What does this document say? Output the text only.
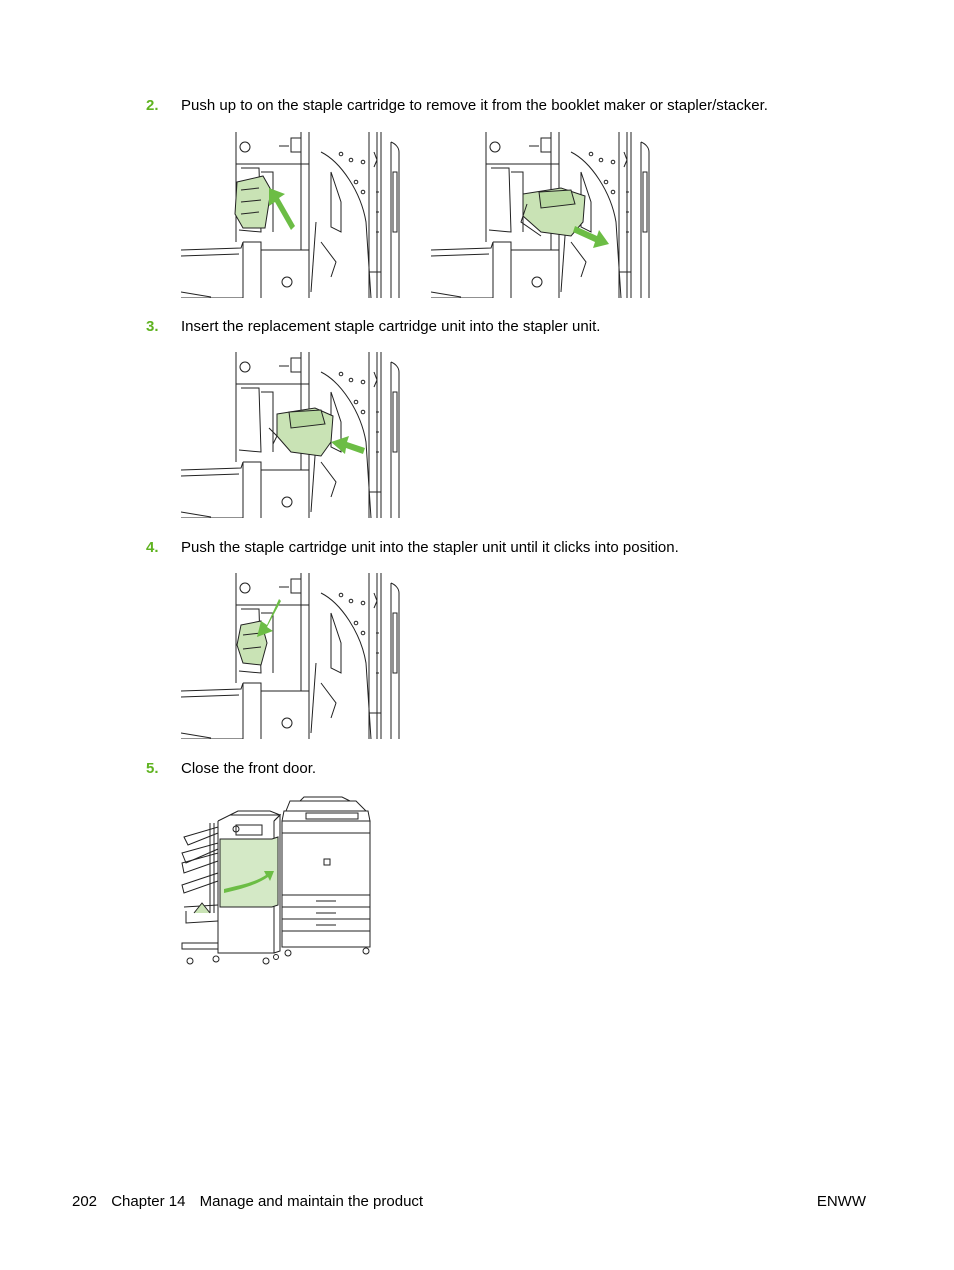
2. Push up to on the staple cartridge to remove it from the booklet maker or stapler/stacker.
3. Insert the replacement staple cartridge unit into the stapler unit.
4. Push the staple cartridge unit into the stapler unit until it clicks into position.
5. Close the front door.
202 Chapter 14 Manage and maintain the product	ENWW
